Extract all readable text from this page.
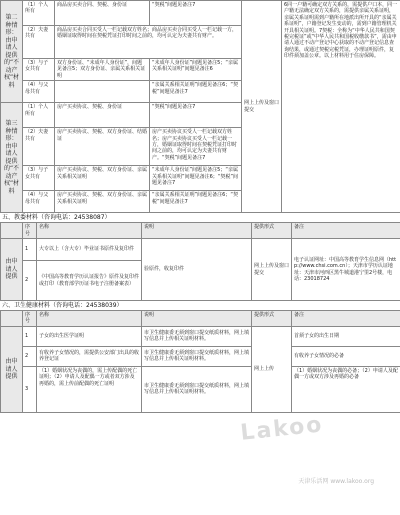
第二种情形：由申请人提供的“不动产权”材料	（1）个人所有	商品房买卖合同、契税、身份证	“契税”间题见备注7	网上上传及窗口提交	6同一户籍可确定双方关系的，需提供户口本，同一户籍无法确定双方关系的，需提供亲属关系证明，亲属关系证明需到户籍所在地派出所开具的“亲属关系证明”，户籍登记发生变动的，需到户籍管理机关开具相关证明。7契税：全称为“中华人民共和国契税完税证”或“中华人民共和国税收缴款书”，需由申请人通过不动产登记中心获取的不动产登记信息查询结果，或通过契税完税凭证，办理证明原件，复印件须加盖公章。以上材料用于住房保障。
	（2）夫妻共有	商品房买卖合同买受人一栏记载双方姓名；商品房买卖合同买受人一栏记载一方，婚姻证取得时间在契税凭证打印时间之前的，均可认定为夫妻共有财产。			
	（3）与子女共有	双方身份证、“未成年人身份证”，间题见备注5；双方身份证、亲属关系相关证明	“未成年人身份证”间题见备注5；“亲属关系相关证明”间题见备注6		
	（4）与父母共有		“亲属关系相关证明”间题见备注6；“契税”间题见备注7		
第三种情形：由申请人提供的“不动产权”材料	（1）个人所有	房产买卖协议、契税、身份证	“契税”间题见备注7		
	（2）夫妻共有	房产买卖协议、契税、双方身份证、结婚证	房产买卖协议买受人一栏记载双方姓名；房产买卖协议买受人一栏记载一方，婚姻证取得时间在契税凭证打印时间之前的，均可认定为夫妻共有财产。“契税”间题见备注7		
	（3）与子女共有	房产买卖协议、契税、双方身份证、亲属关系相关证明	“未成年人身份证”间题见备注5；“亲属关系相关证明”间题见备注6；“契税”间题见备注7		
	（4）与父母共有	房产买卖协议、契税、双方身份证、亲属关系相关证明	“亲属关系相关证明”间题见备注6；“契税”间题见备注7		
五、教委材料（咨询电话：24538087）
	序号	名称	说明	提供形式	备注
由申请人提供	1	大专以上（含大专）毕业证书原件及复印件	验原件，收复印件	网上上传及窗口提交	电子认证网址：中国高等教育学生信息网（http://www.chsi.com.cn）；天津市学历认证地址：天津市河西区黑牛城道港宁里2号楼，电话：23018724
	2	《中国高等教育学历认证报告》原件及复印件或打印（教育部学历证书电子注册备案表）			
六、卫生健康材料（咨询电话：24538039）
	序号	名称	说明	提供形式	备注
由申请人提供	1	子女的出生医学证明	市卫生健康委无须到窗口提交纸质材料，网上填写信息并上传相关证明材料。	网上上传	首须子女的出生日期
	2	有收养子女情况的，需提供公安部门出具的收养登记证	市卫生健康委无须到窗口提交纸质材料，网上填写信息并上传相关证明材料。		有收养子女情况的必备
	3	（1）婚姻状况为丧偶的，需上传配偶的死亡证明；（2）申请人及配偶一方或者双方涉及再婚的，需上传前配偶的死亡证明	市卫生健康委无须到窗口提交纸质材料，网上填写信息并上传相关证明材料。		（1）婚姻状况为丧偶的必备；（2）申请人及配偶一方或双方涉及再婚的必备
Lakoo
天津乐活网 www.lakoo.org
